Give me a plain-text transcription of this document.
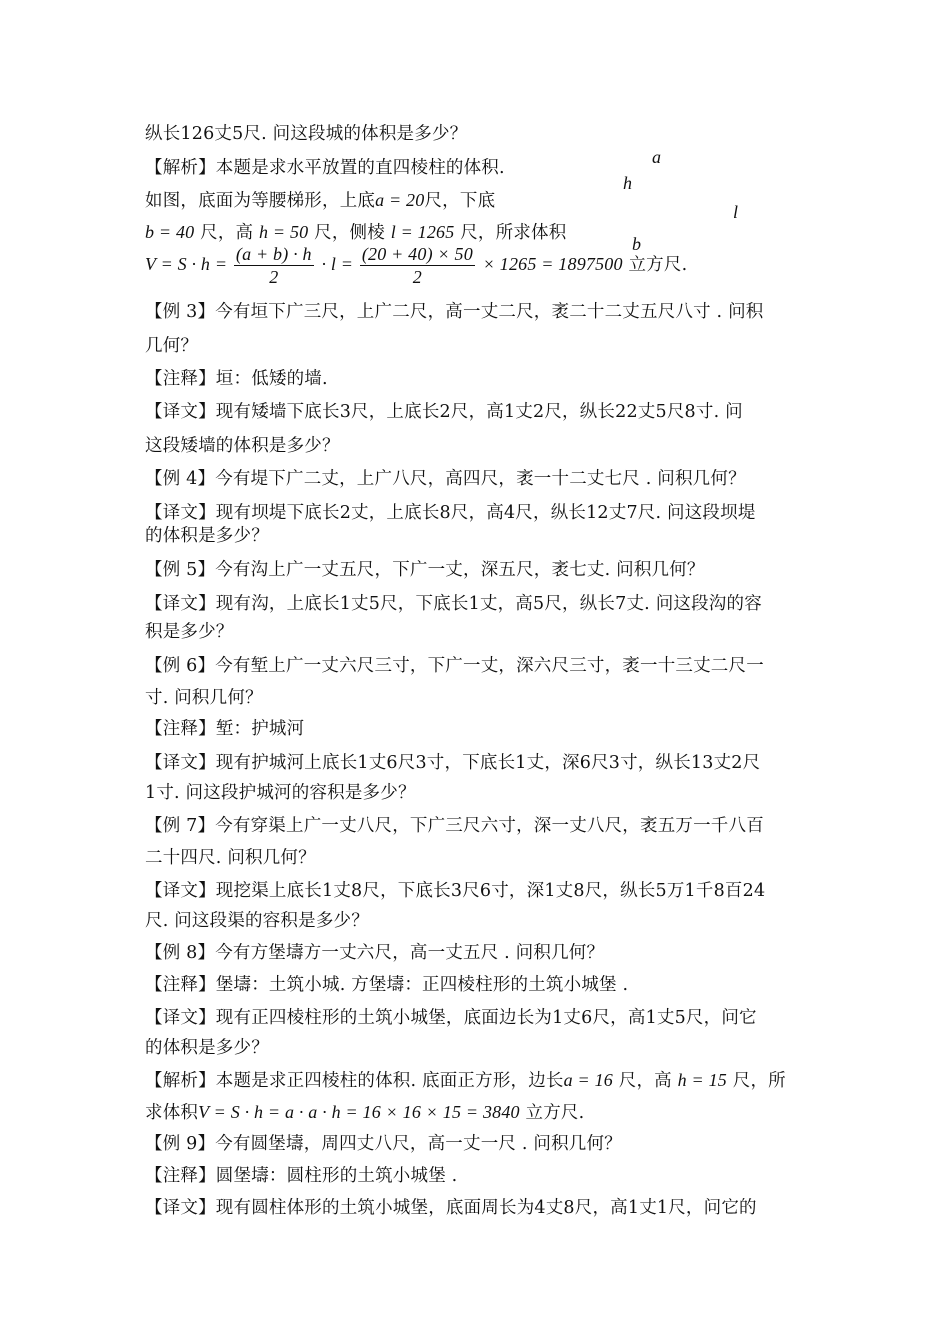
a
h
l
b
纵长126丈5尺. 问这段城的体积是多少？
【解析】本题是求水平放置的直四棱柱的体积.
如图，底面为等腰梯形，上底a = 20尺，下底
b = 40 尺，高 h = 50 尺，侧棱 l = 1265 尺，所求体积
$V = S \cdot h = \frac{(a + b) \cdot h}{2} \cdot l = \frac{(20 + 40) \times 50}{2} \times 1265 = 1897500$ 立方尺.
【例 3】今有垣下广三尺，上广二尺，高一丈二尺，袤二十二丈五尺八寸 . 问积
几何？
【注释】垣：低矮的墙.
【译文】现有矮墙下底长3尺，上底长2尺，高1丈2尺，纵长22丈5尺8寸. 问
这段矮墙的体积是多少？
【例 4】今有堤下广二丈，上广八尺，高四尺，袤一十二丈七尺 . 问积几何？
【译文】现有坝堤下底长2丈，上底长8尺，高4尺，纵长12丈7尺. 问这段坝堤
的体积是多少？
【例 5】今有沟上广一丈五尺，下广一丈，深五尺，袤七丈. 问积几何？
【译文】现有沟，上底长1丈5尺，下底长1丈，高5尺，纵长7丈. 问这段沟的容
积是多少？
【例 6】今有堑上广一丈六尺三寸，下广一丈，深六尺三寸，袤一十三丈二尺一
寸. 问积几何？
【注释】堑：护城河
【译文】现有护城河上底长1丈6尺3寸，下底长1丈，深6尺3寸，纵长13丈2尺
1寸. 问这段护城河的容积是多少？
【例 7】今有穿渠上广一丈八尺，下广三尺六寸，深一丈八尺，袤五万一千八百
二十四尺. 问积几何？
【译文】现挖渠上底长1丈8尺，下底长3尺6寸，深1丈8尺，纵长5万1千8百24
尺. 问这段渠的容积是多少？
【例 8】今有方堡壔方一丈六尺，高一丈五尺 . 问积几何？
【注释】堡壔：土筑小城. 方堡壔：正四棱柱形的土筑小城堡 .
【译文】现有正四棱柱形的土筑小城堡，底面边长为1丈6尺，高1丈5尺，问它
的体积是多少？
【解析】本题是求正四棱柱的体积. 底面正方形，边长a = 16 尺，高 h = 15 尺，所
求体积V = S · h = a · a · h = 16 × 16 × 15 = 3840 立方尺.
【例 9】今有圆堡壔，周四丈八尺，高一丈一尺 . 问积几何？
【注释】圆堡壔：圆柱形的土筑小城堡 .
【译文】现有圆柱体形的土筑小城堡，底面周长为4丈8尺，高1丈1尺，问它的
